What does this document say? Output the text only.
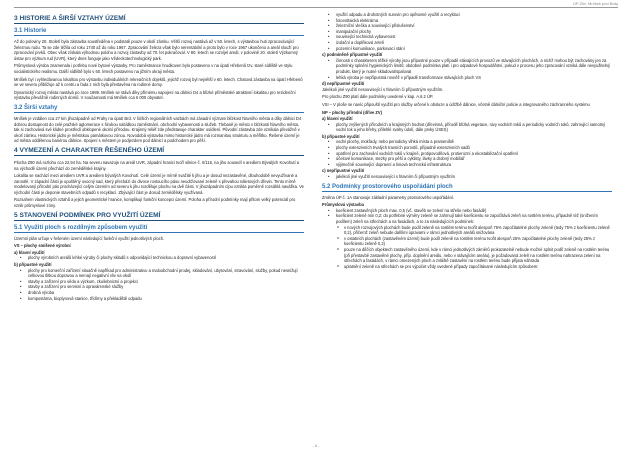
ÚP Zlív, Mníšek pod Brdy
3 HISTORIE A ŠIRŠÍ VZTAHY ÚZEMÍ
3.1 Historie

Až do poloviny 20. Století byla zástavba soustředěna v podstatě pouze v okolí zámku. Větší rozvoj nastává až v 50. letech, s výstavbou huti zpracovávající železnou rudu. Ta se zde těžila od roku 1740 až do roku 1967. Zpracování železa však bylo nerentabilní a proto bylo v roce 1967 ukončeno a areál slouží pro zpracování prvků. Obec však získala výhodnou polohu a rozvoj zástavby od 70. let pokračoval. V 80. letech se rozvíjel areál, v polovině 20. století Výzkumný ústav pro výzkum rud (UVR), který dnes funguje jako Vědeckotechnologický park.

Průmyslová výroba znamenala i potřebu nové bytové výstavby. Pro zaměstnance hrudkoven bylo postaveno v na úpatí Hřebenů tzv. staré sídliště ve stylu socialistického realismu. Další sídliště bylo v 60. letech postaveno na jižním okraji města.

Mníšek byl i vyhledávanou lokalitou pro výstavbu individuálních rekreačních objektů, jejichž rozvoj byl největší v 60. letech. Chatová zástavba na úpatí Hřebenů se ve severu přibližuje až k centru a řada z nich byla přestavěna na rodinné domy.

Dynamický rozvoj města nastává po roce 1989. Mníšek se stává díky přímému napojení na dálnici D4 a blízké příměstské atraktivní lokalitou pro rezidenční výstavbu převážně rodinných domů. V současnosti má Mníšek cca 6 000 obyvatel.

3.2 Širší vztahy

Mníšek je vzdálen cca 27 km jihozápadně od Prahy na úpatí Brd. V širších regionálních vazbách má zásadní význam blízkost hlavního města a díky dálnici D4 dobrou dostupnost do celé pražské aglomerace s širokou nabídkou zaměstnání, obchodní vybavenosti a služeb. Tlebaně je město v blízkosti hlavního města, tak si zachovává své klidné prostředí obklopené okolní přírodou. Krajinný reliéf zde představuje charakter osídlení. Původní zástavba zde vznikala převážně v okolí zámku. Historické jádro je městskou památkovou zónou. Novodobá výstavba mimo historické jádro má rozmanitou strukturu a měřítko. Řešené území je od města oddělenou bariérou dálnice. Spojení s městem je podjezdem pod dálnicí a podchodem pro pěší.

4 VYMEZENÍ A CHARAKTER ŘEŠENÉHO ÚZEMÍ

Plocha Z90 má rozlohu cca 22,94 ha. Na severu navazuje na areál UVR, západní hranici tvoří silnice č. II/116, na jihu sousedí s areálem Bývalých Kovohutí a na východě území přechází do zemědělské krajiny.

Lokalita se nachází mezi areálem UVR a areálem bývalých Kovohutí. Celé území je mírně svažité k jihu a je dosud nezastavěné, dlouhodobě nevyužívané a zarostlé. V západní části je opuštěný ovocný sad, který přechází do divoce rostoucího pásu neudržované zeleně s převahou náletových dřevin. Tento mírně modelovaný přírodní pás procházející celým územím od severu k jihu rozděluje plochu na dvě části. V jihozápadním cípu vznikla poměrně rozsáhlá navážka. Ve východní části je deponie stavebních odpadů s recyklací. Zbývající část je dosud zemědělsky využívaná.

Rozsahem vlastnických vztahů a jejich geometrické hranice, komplikují funkční koncepci území. Poloha a přírodní podmínky mají přitom velký potenciál pro vznik průmyslové zóny.

5 STANOVENÍ PODMÍNEK PRO VYUŽITÍ ÚZEMÍ
5.1 Využití ploch s rozdílným způsobem využití

Územní plán určuje v řešeném území následující funkční využití jednotlivých ploch.

VS – plochy smíšené výrobní
a) hlavní využití
• plochy výrobních areálů lehké výroby či plochy skladů s odpovídající technickou a dopravní vybaveností
b) přípustné využití
• plochy pro komerční zařízení situačně napříkad pro administrativu a maloobchodní prodej, skladování, ubytování, stravování, služby, pokud nesnižují celkovou tlitkou dopravou a nemají negativní vliv na okolí
• stavby a zařízení pro vědu a výzkum, zkušebnictví a projekci
• stavby a zařízení pro servisní a opravárenské služby
• drobná výroba
• kompostárna, bioplynová stanice, třídírny a překladiště odpadu
• využití odpadu a druhotných surovin pro opětovné využití a recyklaci
• fotovoltaická elektrárna
• železniční vlečka a související přislušenství
• manipulační plochy
• související technická vybavenost
• izolační a doplňková zeleň
• pozemní komunikace, parkovací stání
c) podmíněně přípustné využití
• činnosti s charakterem těžké výroby jsou přípustné pouze v případě stávajících provozů ve stávajících plochách, a nichž mohou být zachovány jen za podmínky splnění hygienických limitů; obdobné podmínka platí i pro odpadové hospodářství, pokud v procesu jeho zpracování vzniká dále nevyužitelný produkt, který je nutné skladovat/spalovat
• lehká výroba je nepřípustná rovněž v případě transformace stávajících ploch VS
d) nepřípustné využití

Jakékoli jiné využití nesouvisející s hlavním či přípustným využitím.

Pro plochu Z90 platí dále podmínky uvedené v kap. A.6.2 ÚP.

VSI – V ploše se navíc připouští využití pro služby určené k obsluze a údržbě dálnice, včetně dálniční policie a integrovaného záchranného systému

NP – plochy přírodní (dříve ZV)
a) hlavní využití
• plochy zvýšených přírodních a krajinných hodnot (dřevinná, přírodě blízká vegetace, nivy vodních toků a periodicky vodních toků, zahrnující samotný vodní tok a jeho břehy, přilehlé svahy údolí, dále prvky ÚSES)
b) přípustné využití
• vodní plochy, mokřady, nebo periodicky vlhká místa a prameniště
• plochy extenzivních trvalých travních porostů, případně extenzivních sadů
• opatření pro zachování vodních toků v krajině, protipovodňová, protierozní a ekostabilizační opatření
• účelové komunikace, stezky pro pěší a cyklisty, lávky a drobný mobiliář
• výjimečně související dopravní a liniová technická infrastruktura
c) nepřípustné využití
• jakékoli jiné využití nesouvisející s hlavním či přípustným využitím
5.2 Podmínky prostorového uspořádání ploch

Změna ÚP č. 1A stanovuje základní parametry prostorového uspořádání.

Průmyslová výstavba
• koeficient zastavěných ploch max. 0,5 (vč. stavěb se zelení na střeše nebo fasádě)
• koeficient zeleně min 0,2; do potřebné výměry zeleně se zahrnují také koeficientu se započítává zeleň na rostlém terénu, případně též (snížením podílem) zeleň na střechách a na fasádách, a to za následujících podmínek:
o v nových rozvojových plochách bude podíl zeleně na rostlém terénu tvořit alespoň 75% započitatelné plochy zeleně (tedy 75% z koeficientu zeleně 0,2), přičemž zeleň nebude dalšími úpravami v rámci jednotlivých areálů snižována
o v ostatních plochách (zastavěném území) bude podíl zeleně na rostlém terénu tvořit alespoň 25% započitatelné plochy zeleně (tedy 25% z koeficientu zeleně 0,2)
o pouze na dílčích objektech zastavěného území, kde v rámci jednotlivých záměrů prokazatelně nebude možné splnit podíl zeleně na rostlém terénu (při přestavbě zastavěné plochy, příp. doplnění areálu, nebo v stávajícím areálu), je požadovaná zeleň na rostlém terénu nahrazena zelení na střechách a fasádách, v rámci omezených ploch a zvláště zastavění na rostlém terénu bude přijata náhrada
o uplatnění zeleně na střechách se pro výpočet vždy uvedené případy započítávané následujícím způsobem:
- 6 -
